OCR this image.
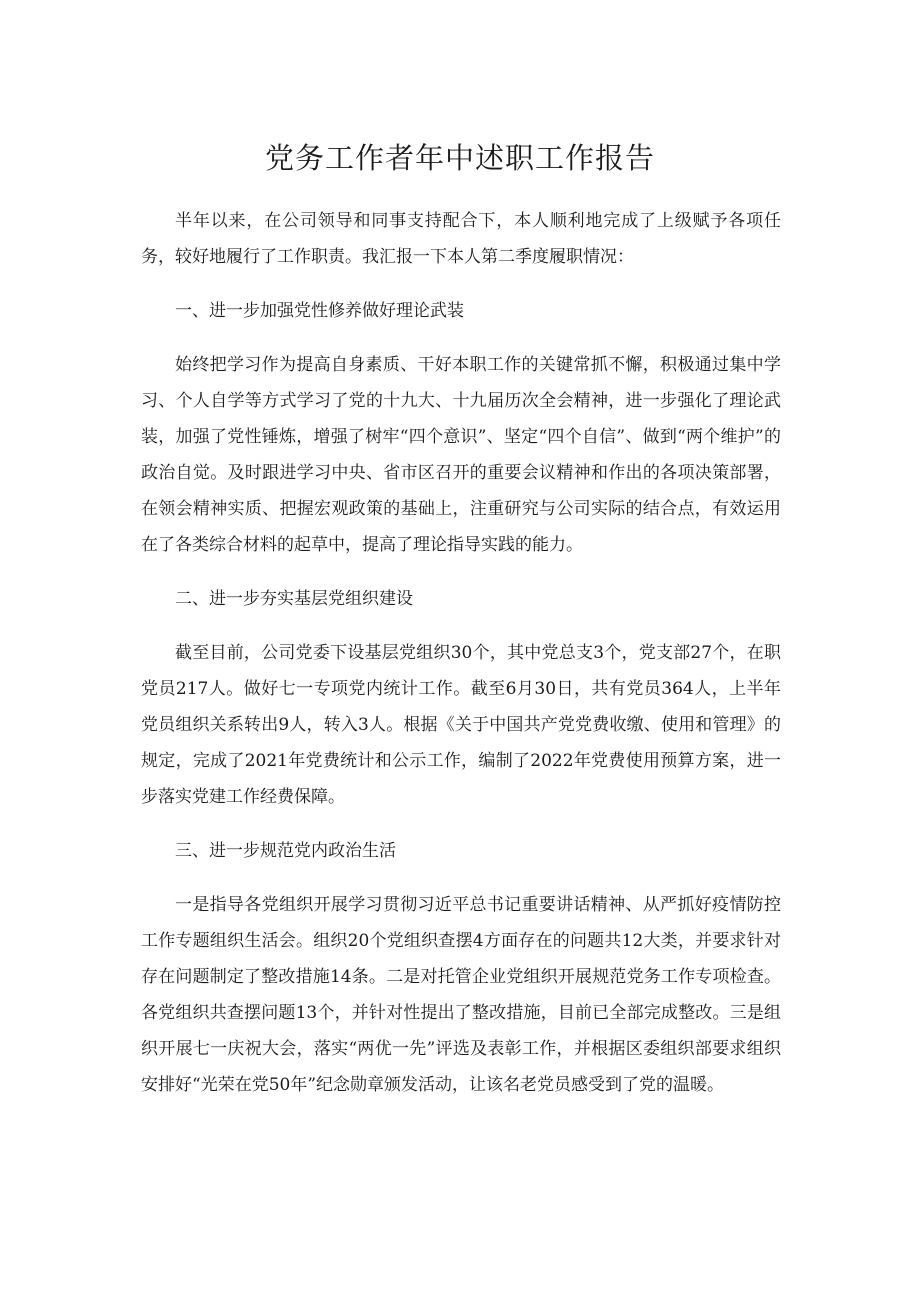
党务工作者年中述职工作报告

半年以来，在公司领导和同事支持配合下，本人顺利地完成了上级赋予各项任务，较好地履行了工作职责。我汇报一下本人第二季度履职情况：

一、进一步加强党性修养做好理论武装

始终把学习作为提高自身素质、干好本职工作的关键常抓不懈，积极通过集中学习、个人自学等方式学习了党的十九大、十九届历次全会精神，进一步强化了理论武装，加强了党性锤炼，增强了树牢“四个意识”、坚定“四个自信”、做到“两个维护”的政治自觉。及时跟进学习中央、省市区召开的重要会议精神和作出的各项决策部署，在领会精神实质、把握宏观政策的基础上，注重研究与公司实际的结合点，有效运用在了各类综合材料的起草中，提高了理论指导实践的能力。

二、进一步夯实基层党组织建设

截至目前，公司党委下设基层党组织30个，其中党总支3个，党支部27个，在职党员217人。做好七一专项党内统计工作。截至6月30日，共有党员364人，上半年党员组织关系转出9人，转入3人。根据《关于中国共产党党费收缴、使用和管理》的规定，完成了2021年党费统计和公示工作，编制了2022年党费使用预算方案，进一步落实党建工作经费保障。

三、进一步规范党内政治生活

一是指导各党组织开展学习贯彻习近平总书记重要讲话精神、从严抓好疫情防控工作专题组织生活会。组织20个党组织查摆4方面存在的问题共12大类，并要求针对存在问题制定了整改措施14条。二是对托管企业党组织开展规范党务工作专项检查。各党组织共查摆问题13个，并针对性提出了整改措施，目前已全部完成整改。三是组织开展七一庆祝大会，落实“两优一先”评选及表彰工作，并根据区委组织部要求组织安排好“光荣在党50年”纪念勋章颁发活动，让该名老党员感受到了党的温暖。
